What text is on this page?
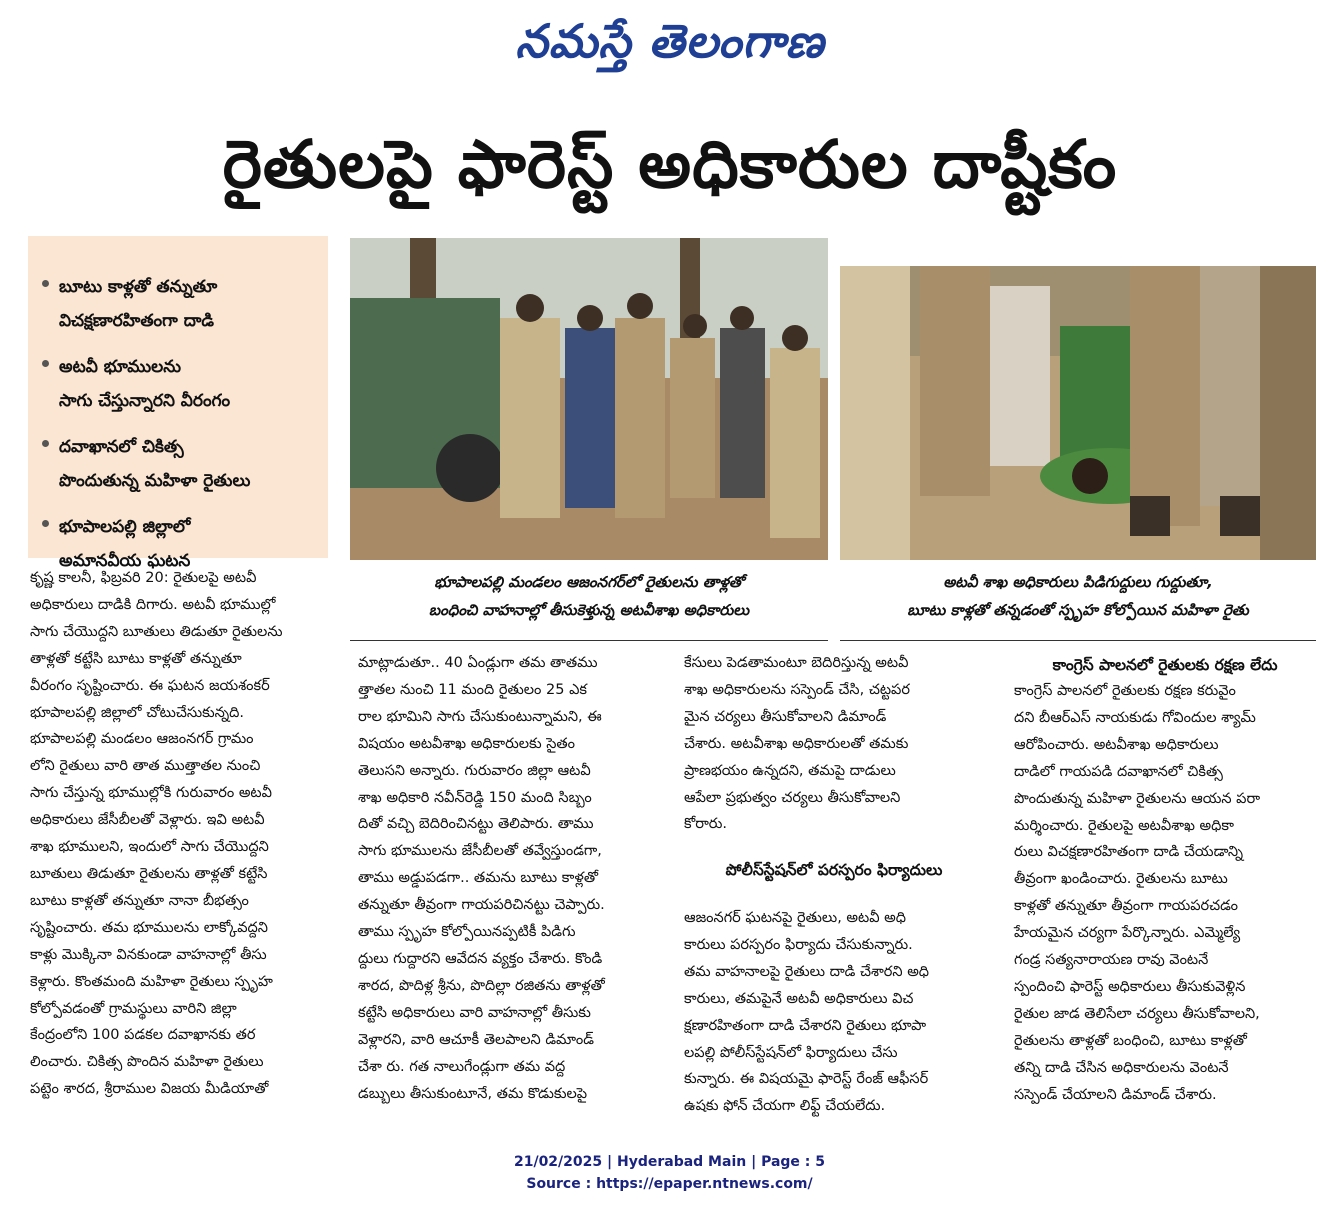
నమస్తే తెలంగాణ
రైతులపై ఫారెస్ట్ అధికారుల దాష్టీకం
బూటు కాళ్లతో తన్నుతూ
విచక్షణారహితంగా దాడి
అటవీ భూములను
సాగు చేస్తున్నారని వీరంగం
దవాఖానలో చికిత్స
పొందుతున్న మహిళా రైతులు
భూపాలపల్లి జిల్లాలో
అమానవీయ ఘటన
భూపాలపల్లి మండలం ఆజంనగర్‌లో రైతులను తాళ్లతో
బంధించి వాహనాల్లో తీసుకెళ్తున్న అటవీశాఖ అధికారులు
అటవీ శాఖ అధికారులు పిడిగుద్దులు గుద్దుతూ,
బూటు కాళ్లతో తన్నడంతో స్పృహ కోల్పోయిన మహిళా రైతు
కృష్ణ కాలనీ, ఫిబ్రవరి 20: రైతులపై అటవీ
అధికారులు దాడికి దిగారు. అటవీ భూముల్లో
సాగు చేయొద్దని బూతులు తిడుతూ రైతులను
తాళ్లతో కట్టేసి బూటు కాళ్లతో తన్నుతూ
వీరంగం సృష్టించారు. ఈ ఘటన జయశంకర్
భూపాలపల్లి జిల్లాలో చోటుచేసుకున్నది.
భూపాలపల్లి మండలం ఆజంనగర్ గ్రామం
లోని రైతులు వారి తాత ముత్తాతల నుంచి
సాగు చేస్తున్న భూముల్లోకి గురువారం అటవీ
అధికారులు జేసీబీలతో వెళ్లారు. ఇవి అటవీ
శాఖ భూములని, ఇందులో సాగు చేయొద్దని
బూతులు తిడుతూ రైతులను తాళ్లతో కట్టేసి
బూటు కాళ్లతో తన్నుతూ నానా బీభత్సం
సృష్టించారు. తమ భూములను లాక్కోవద్దని
కాళ్లు మొక్కినా వినకుండా వాహనాల్లో తీసు
కెళ్లారు. కొంతమంది మహిళా రైతులు స్పృహ
కోల్పోవడంతో గ్రామస్థులు వారిని జిల్లా
కేంద్రంలోని 100 పడకల దవాఖానకు తర
లించారు. చికిత్స పొందిన మహిళా రైతులు
పట్టెం శారద, శ్రీరాముల విజయ మీడియాతో
మాట్లాడుతూ.. 40 ఏండ్లుగా తమ తాతము
త్తాతల నుంచి 11 మంది రైతులం 25 ఎక
రాల భూమిని సాగు చేసుకుంటున్నామని, ఈ
విషయం అటవీశాఖ అధికారులకు సైతం
తెలుసని అన్నారు. గురువారం జిల్లా ఆటవీ
శాఖ అధికారి నవీన్‌రెడ్డి 150 మంది సిబ్బం
దితో వచ్చి బెదిరించినట్టు తెలిపారు. తాము
సాగు భూములను జేసీబీలతో తవ్వేస్తుండగా,
తాము అడ్డుపడగా.. తమను బూటు కాళ్లతో
తన్నుతూ తీవ్రంగా గాయపరిచినట్టు చెప్పారు.
తాము స్పృహ కోల్పోయినప్పటికీ పిడిగు
ద్దులు గుద్దారని ఆవేదన వ్యక్తం చేశారు. కొండి
శారద, పొదిళ్ల శ్రీను, పొదిల్లా రజితను తాళ్లతో
కట్టేసి అధికారులు వారి వాహనాల్లో తీసుకు
వెళ్లారని, వారి ఆచూకీ తెలపాలని డిమాండ్
చేశా రు. గత నాలుగేండ్లుగా తమ వద్ద
డబ్బులు తీసుకుంటూనే, తమ కొడుకులపై
కేసులు పెడతామంటూ బెదిరిస్తున్న అటవీ
శాఖ అధికారులను సస్పెండ్ చేసి, చట్టపర
మైన చర్యలు తీసుకోవాలని డిమాండ్
చేశారు. అటవీశాఖ అధికారులతో తమకు
ప్రాణభయం ఉన్నదని, తమపై దాడులు
ఆపేలా ప్రభుత్వం చర్యలు తీసుకోవాలని
కోరారు.
పోలీస్‌స్టేషన్‌లో పరస్పరం ఫిర్యాదులు
ఆజంనగర్ ఘటనపై రైతులు, అటవీ అధి
కారులు పరస్పరం ఫిర్యాదు చేసుకున్నారు.
తమ వాహనాలపై రైతులు దాడి చేశారని అధి
కారులు, తమపైనే అటవీ అధికారులు విచ
క్షణారహితంగా దాడి చేశారని రైతులు భూపా
లపల్లి పోలీస్‌స్టేషన్‌లో ఫిర్యాదులు చేసు
కున్నారు. ఈ విషయమై ఫారెస్ట్ రేంజ్ ఆఫీసర్
ఉషకు ఫోన్ చేయగా లిఫ్ట్ చేయలేదు.
కాంగ్రెస్ పాలనలో రైతులకు రక్షణ లేదు
కాంగ్రెస్ పాలనలో రైతులకు రక్షణ కరువైం
దని బీఆర్‌ఎస్ నాయకుడు గోవిందుల శ్యామ్
ఆరోపించారు. అటవీశాఖ అధికారులు
దాడిలో గాయపడి దవాఖానలో చికిత్స
పొందుతున్న మహిళా రైతులను ఆయన పరా
మర్శించారు. రైతులపై అటవీశాఖ అధికా
రులు విచక్షణారహితంగా దాడి చేయడాన్ని
తీవ్రంగా ఖండించారు. రైతులను బూటు
కాళ్లతో తన్నుతూ తీవ్రంగా గాయపరచడం
హేయమైన చర్యగా పేర్కొన్నారు. ఎమ్మెల్యే
గండ్ర సత్యనారాయణ రావు వెంటనే
స్పందించి ఫారెస్ట్ అధికారులు తీసుకువెళ్లిన
రైతుల జాడ తెలిసేలా చర్యలు తీసుకోవాలని,
రైతులను తాళ్లతో బంధించి, బూటు కాళ్లతో
తన్ని దాడి చేసిన అధికారులను వెంటనే
సస్పెండ్ చేయాలని డిమాండ్ చేశారు.
21/02/2025 | Hyderabad Main | Page : 5
Source : https://epaper.ntnews.com/
